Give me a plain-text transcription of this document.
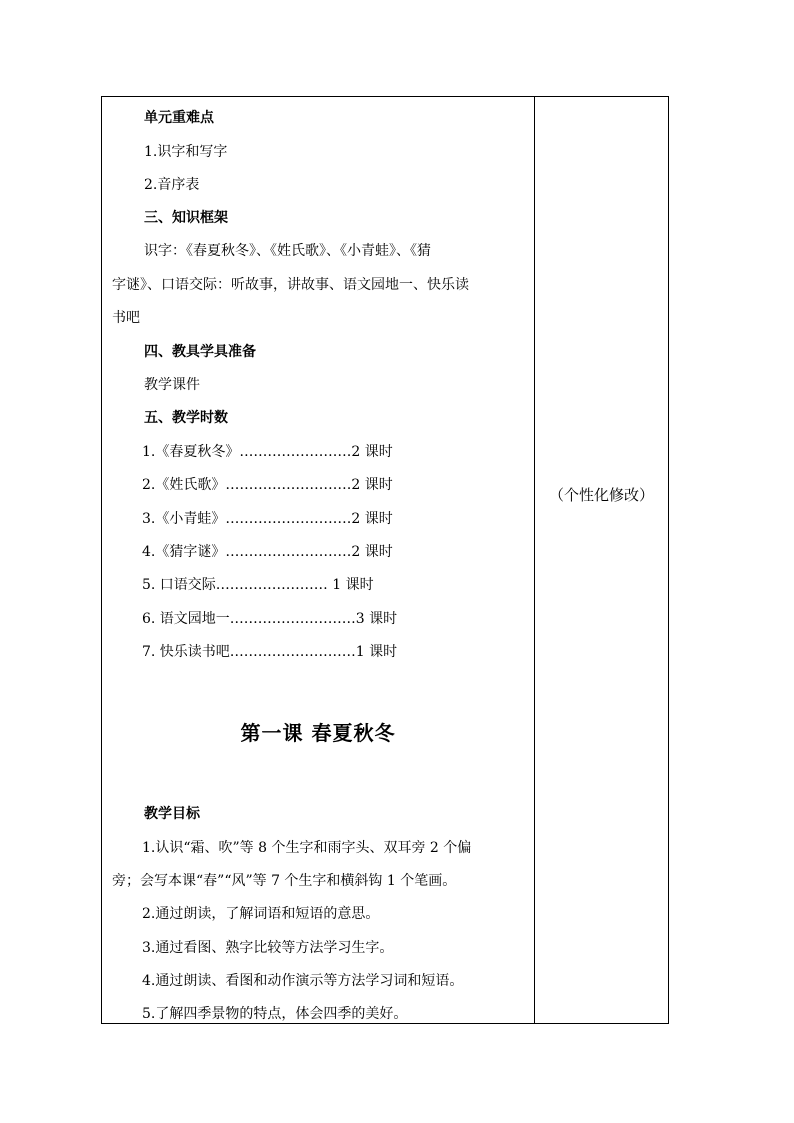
单元重难点
1.识字和写字
2.音序表
三、知识框架
识字：《春夏秋冬》、《姓氏歌》、《小青蛙》、《猜
字谜》、口语交际：听故事，讲故事、语文园地一、快乐读
书吧
四、教具学具准备
教学课件
五、教学时数
1.《春夏秋冬》……………………2 课时
2.《姓氏歌》………………………2 课时
3.《小青蛙》………………………2 课时
4.《猜字谜》………………………2 课时
5. 口语交际…………………… 1 课时
6. 语文园地一………………………3 课时
7. 快乐读书吧………………………1 课时
第一课 春夏秋冬
教学目标
1.认识“霜、吹”等 8 个生字和雨字头、双耳旁 2 个偏
旁；会写本课“春”“风”等 7 个生字和横斜钩 1 个笔画。
2.通过朗读，了解词语和短语的意思。
3.通过看图、熟字比较等方法学习生字。
4.通过朗读、看图和动作演示等方法学习词和短语。
5.了解四季景物的特点，体会四季的美好。
（个性化修改）
